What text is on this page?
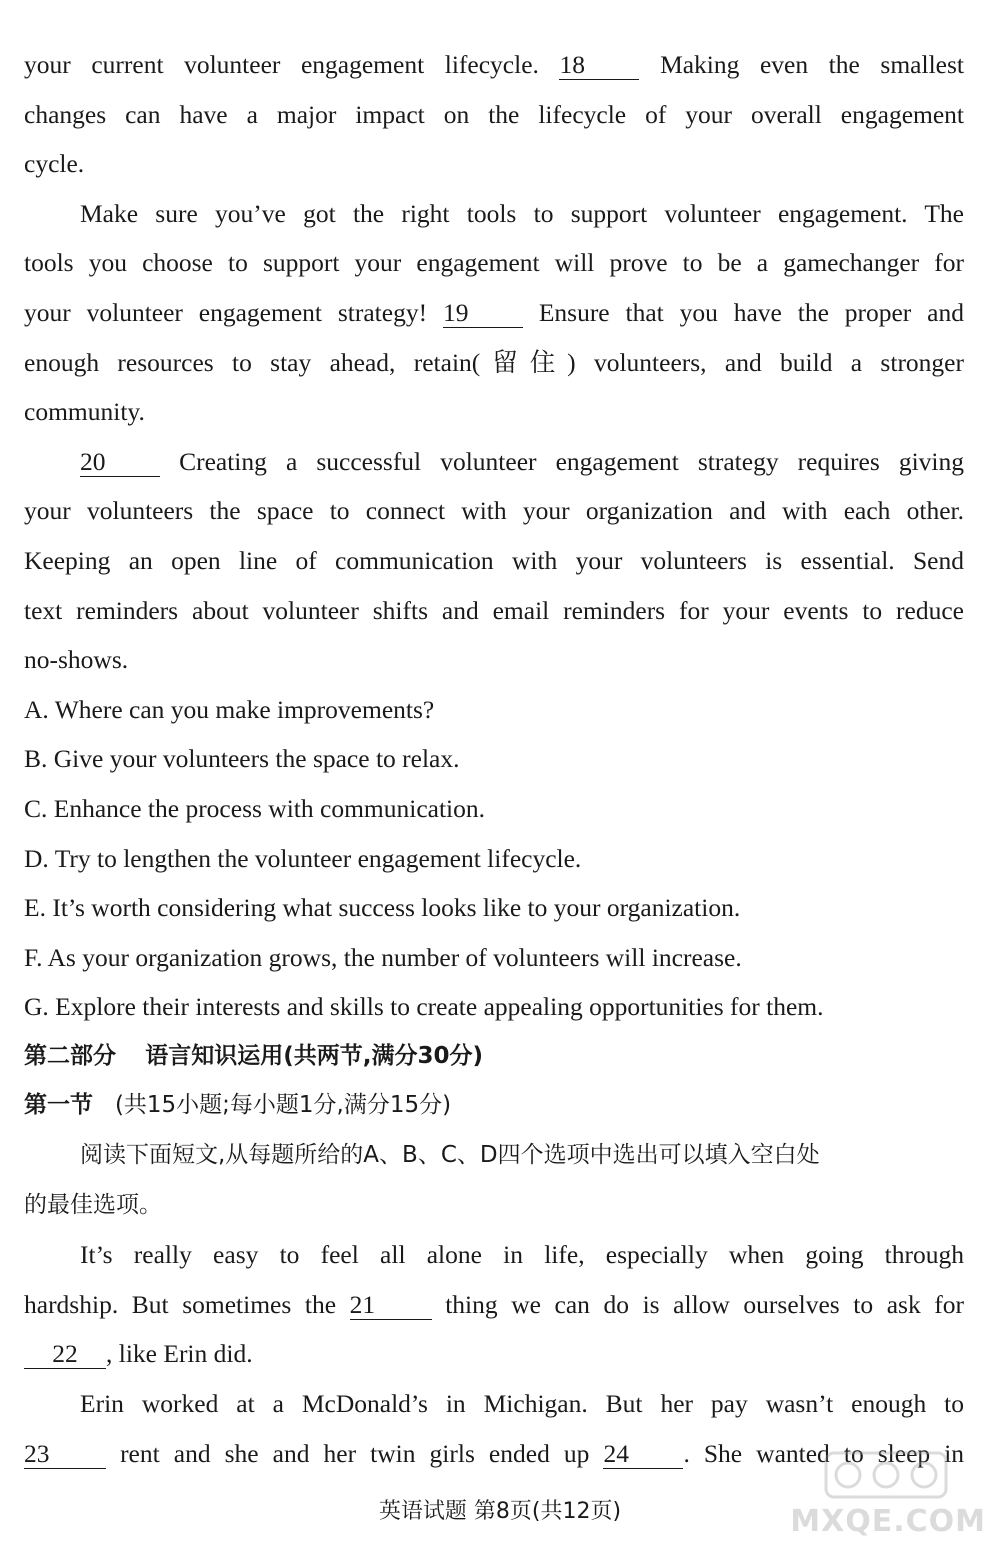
your current volunteer engagement lifecycle. 18	Making even the smallest
changes can have a major impact on the lifecycle of your overall engagement
cycle.
Make sure you’ve got the right tools to support volunteer engagement. The
tools you choose to support your engagement will prove to be a gamechanger for
your volunteer engagement strategy! 19	Ensure that you have the proper and
enough resources to stay ahead, retain(留住) volunteers, and build a stronger
community.
20	Creating a successful volunteer engagement strategy requires giving
your volunteers the space to connect with your organization and with each other.
Keeping an open line of communication with your volunteers is essential. Send
text reminders about volunteer shifts and email reminders for your events to reduce
no-shows.
A. Where can you make improvements?
B. Give your volunteers the space to relax.
C. Enhance the process with communication.
D. Try to lengthen the volunteer engagement lifecycle.
E. It’s worth considering what success looks like to your organization.
F. As your organization grows, the number of volunteers will increase.
G. Explore their interests and skills to create appealing opportunities for them.
第二部分 语言知识运用(共两节,满分30分)
第一节 (共15小题;每小题1分,满分15分)
阅读下面短文,从每题所给的A、B、C、D四个选项中选出可以填入空白处
的最佳选项。
It’s really easy to feel all alone in life, especially when going through
hardship. But sometimes the 21	thing we can do is allow ourselves to ask for
22 , like Erin did.
Erin worked at a McDonald’s in Michigan. But her pay wasn’t enough to
23	rent and she and her twin girls ended up 24 . She wanted to sleep in
英语试题 第8页(共12页)	MXQE.COM
